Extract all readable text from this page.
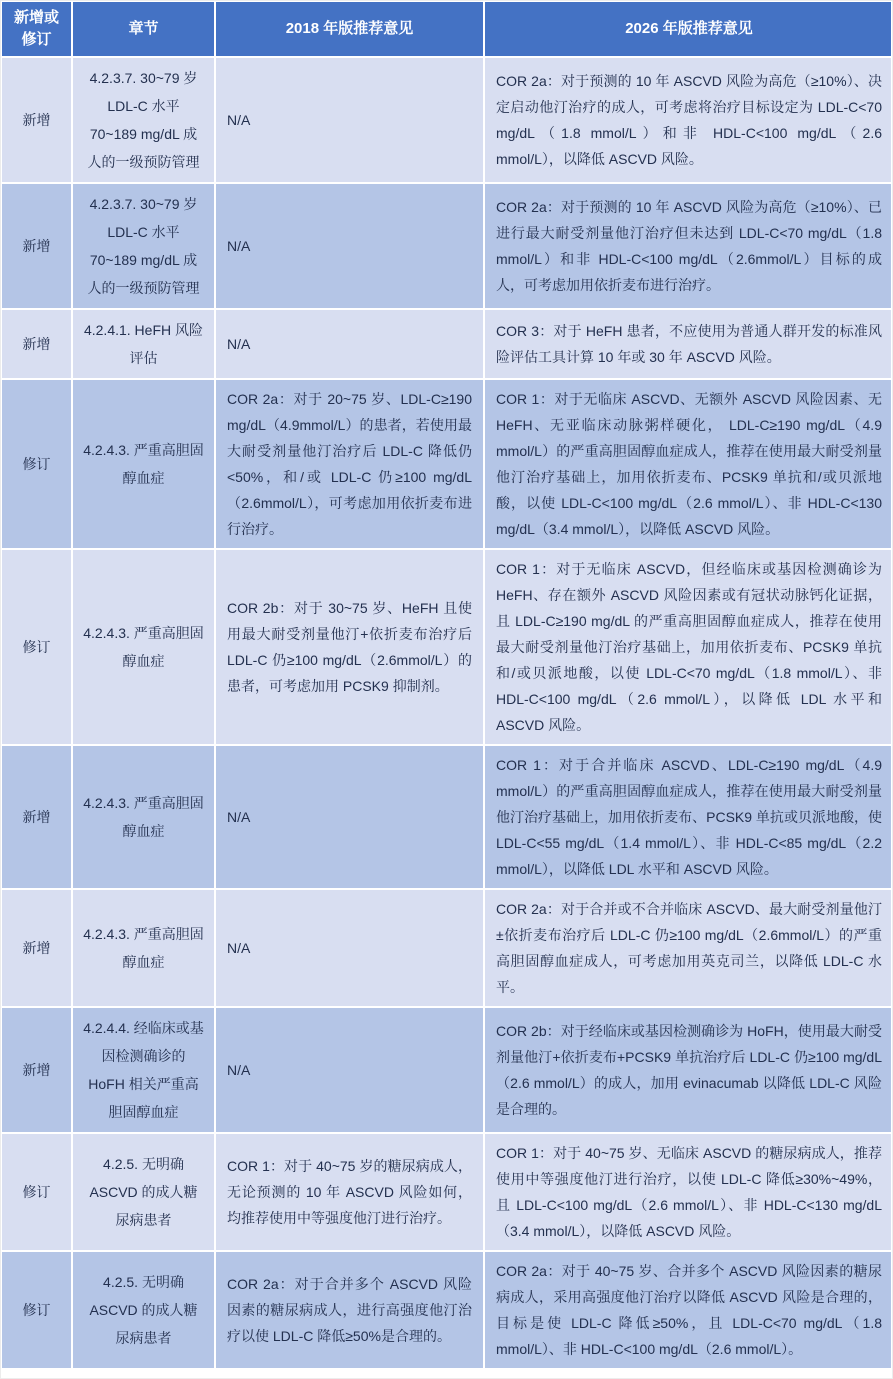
新增或修订
章节	2018 年版推荐意见	2026 年版推荐意见
新增
4.2.3.7. 30~79 岁 LDL-C 水平 70~189 mg/dL 成人的一级预防管理
N/A
COR 2a：对于预测的 10 年 ASCVD 风险为高危（≥10%）、决定启动他汀治疗的成人，可考虑将治疗目标设定为 LDL-C<70 mg/dL（1.8 mmol/L）和非 HDL-C<100 mg/dL（2.6 mmol/L），以降低 ASCVD 风险。
新增
4.2.3.7. 30~79 岁 LDL-C 水平 70~189 mg/dL 成人的一级预防管理
N/A
COR 2a：对于预测的 10 年 ASCVD 风险为高危（≥10%）、已进行最大耐受剂量他汀治疗但未达到 LDL-C<70 mg/dL（1.8 mmol/L）和非 HDL-C<100 mg/dL（2.6mmol/L）目标的成人，可考虑加用依折麦布进行治疗。
新增
4.2.4.1. HeFH 风险评估
N/A
COR 3：对于 HeFH 患者，不应使用为普通人群开发的标准风险评估工具计算 10 年或 30 年 ASCVD 风险。
修订
4.2.4.3. 严重高胆固醇血症
COR 2a：对于 20~75 岁、LDL-C≥190 mg/dL（4.9mmol/L）的患者，若使用最大耐受剂量他汀治疗后 LDL-C 降低仍<50%，和/或 LDL-C 仍≥100 mg/dL（2.6mmol/L），可考虑加用依折麦布进行治疗。
COR 1：对于无临床 ASCVD、无额外 ASCVD 风险因素、无 HeFH、无亚临床动脉粥样硬化， LDL-C≥190 mg/dL（4.9 mmol/L）的严重高胆固醇血症成人，推荐在使用最大耐受剂量他汀治疗基础上，加用依折麦布、PCSK9 单抗和/或贝派地酸，以使 LDL-C<100 mg/dL（2.6 mmol/L）、非 HDL-C<130 mg/dL（3.4 mmol/L），以降低 ASCVD 风险。
修订
4.2.4.3. 严重高胆固醇血症
COR 2b：对于 30~75 岁、HeFH 且使用最大耐受剂量他汀+依折麦布治疗后 LDL-C 仍≥100 mg/dL（2.6mmol/L）的患者，可考虑加用 PCSK9 抑制剂。
COR 1：对于无临床 ASCVD，但经临床或基因检测确诊为 HeFH、存在额外 ASCVD 风险因素或有冠状动脉钙化证据，且 LDL-C≥190 mg/dL 的严重高胆固醇血症成人，推荐在使用最大耐受剂量他汀治疗基础上，加用依折麦布、PCSK9 单抗和/或贝派地酸，以使 LDL-C<70 mg/dL（1.8 mmol/L）、非 HDL-C<100 mg/dL（2.6 mmol/L），以降低 LDL 水平和 ASCVD 风险。
新增
4.2.4.3. 严重高胆固醇血症
N/A
COR 1：对于合并临床 ASCVD、LDL-C≥190 mg/dL（4.9 mmol/L）的严重高胆固醇血症成人，推荐在使用最大耐受剂量他汀治疗基础上，加用依折麦布、PCSK9 单抗或贝派地酸，使 LDL-C<55 mg/dL（1.4 mmol/L）、非 HDL-C<85 mg/dL（2.2 mmol/L），以降低 LDL 水平和 ASCVD 风险。
新增
4.2.4.3. 严重高胆固醇血症
N/A
COR 2a：对于合并或不合并临床 ASCVD、最大耐受剂量他汀±依折麦布治疗后 LDL-C 仍≥100 mg/dL（2.6mmol/L）的严重高胆固醇血症成人，可考虑加用英克司兰，以降低 LDL-C 水平。
新增
4.2.4.4. 经临床或基因检测确诊的 HoFH 相关严重高胆固醇血症
N/A
COR 2b：对于经临床或基因检测确诊为 HoFH，使用最大耐受剂量他汀+依折麦布+PCSK9 单抗治疗后 LDL-C 仍≥100 mg/dL（2.6 mmol/L）的成人，加用 evinacumab 以降低 LDL-C 风险是合理的。
修订
4.2.5. 无明确 ASCVD 的成人糖尿病患者
COR 1：对于 40~75 岁的糖尿病成人，无论预测的 10 年 ASCVD 风险如何，均推荐使用中等强度他汀进行治疗。
COR 1：对于 40~75 岁、无临床 ASCVD 的糖尿病成人，推荐使用中等强度他汀进行治疗，以使 LDL-C 降低≥30%~49%，且 LDL-C<100 mg/dL（2.6 mmol/L）、非 HDL-C<130 mg/dL（3.4 mmol/L），以降低 ASCVD 风险。
修订
4.2.5. 无明确 ASCVD 的成人糖尿病患者
COR 2a：对于合并多个 ASCVD 风险因素的糖尿病成人，进行高强度他汀治疗以使 LDL-C 降低≥50%是合理的。
COR 2a：对于 40~75 岁、合并多个 ASCVD 风险因素的糖尿病成人，采用高强度他汀治疗以降低 ASCVD 风险是合理的，目标是使 LDL-C 降低≥50%，且 LDL-C<70 mg/dL（1.8 mmol/L）、非 HDL-C<100 mg/dL（2.6 mmol/L）。
